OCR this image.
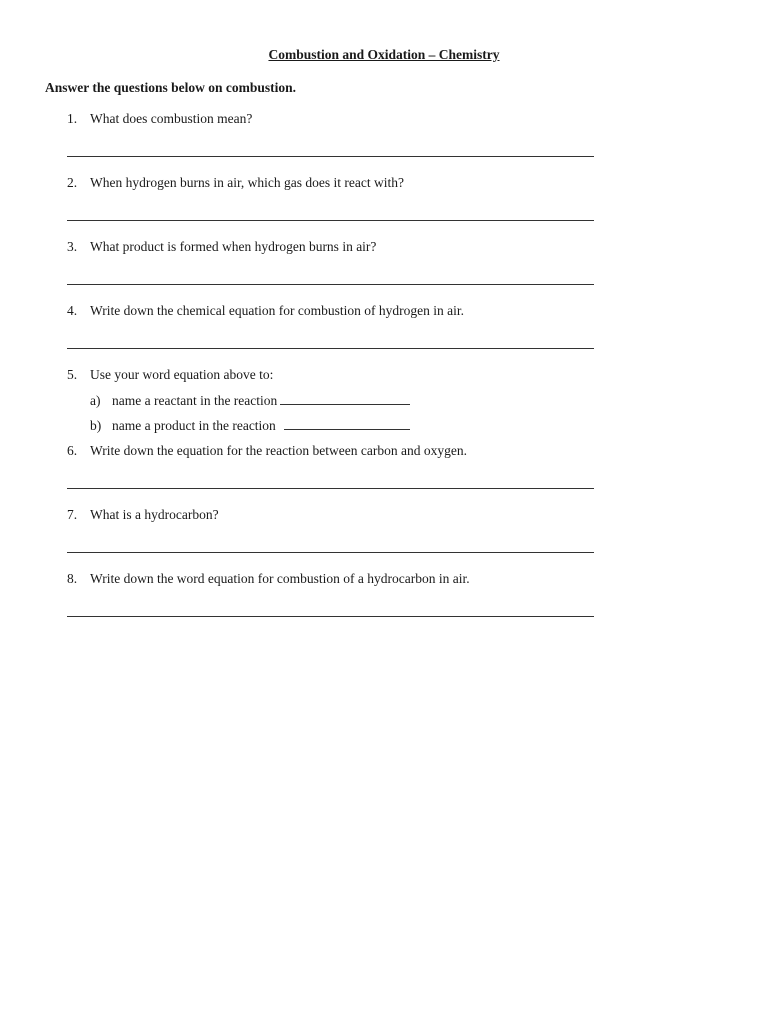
Combustion and Oxidation – Chemistry
Answer the questions below on combustion.
1. What does combustion mean?
2. When hydrogen burns in air, which gas does it react with?
3. What product is formed when hydrogen burns in air?
4. Write down the chemical equation for combustion of hydrogen in air.
5. Use your word equation above to:
a) name a reactant in the reaction
b) name a product in the reaction
6. Write down the equation for the reaction between carbon and oxygen.
7. What is a hydrocarbon?
8. Write down the word equation for combustion of a hydrocarbon in air.
